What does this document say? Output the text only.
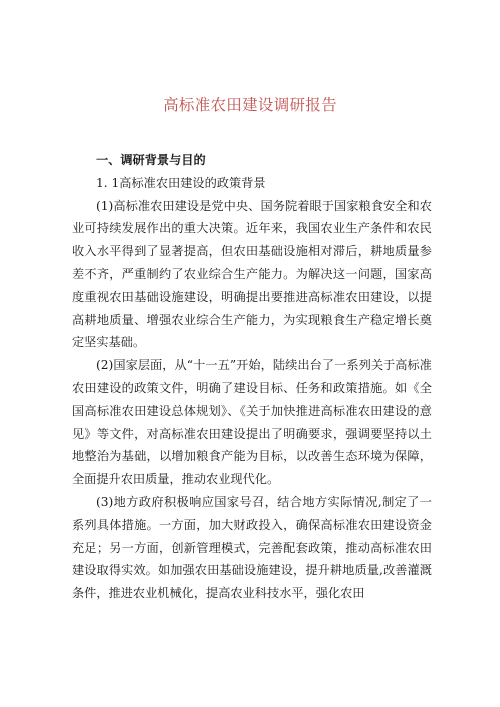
高标准农田建设调研报告

一、调研背景与目的

1. 1高标准农田建设的政策背景

(1)高标准农田建设是党中央、国务院着眼于国家粮食安全和农业可持续发展作出的重大决策。近年来，我国农业生产条件和农民收入水平得到了显著提高，但农田基础设施相对滞后，耕地质量参差不齐，严重制约了农业综合生产能力。为解决这一问题，国家高度重视农田基础设施建设，明确提出要推进高标准农田建设，以提高耕地质量、增强农业综合生产能力，为实现粮食生产稳定增长奠定坚实基础。

(2)国家层面，从“十一五”开始，陆续出台了一系列关于高标准农田建设的政策文件，明确了建设目标、任务和政策措施。如《全国高标准农田建设总体规划》、《关于加快推进高标准农田建设的意见》等文件，对高标准农田建设提出了明确要求，强调要坚持以土地整治为基础，以增加粮食产能为目标，以改善生态环境为保障，全面提升农田质量，推动农业现代化。

(3)地方政府积极响应国家号召，结合地方实际情况,制定了一系列具体措施。一方面，加大财政投入，确保高标准农田建设资金充足；另一方面，创新管理模式，完善配套政策，推动高标准农田建设取得实效。如加强农田基础设施建设，提升耕地质量,改善灌溉条件，推进农业机械化，提高农业科技水平，强化农田
